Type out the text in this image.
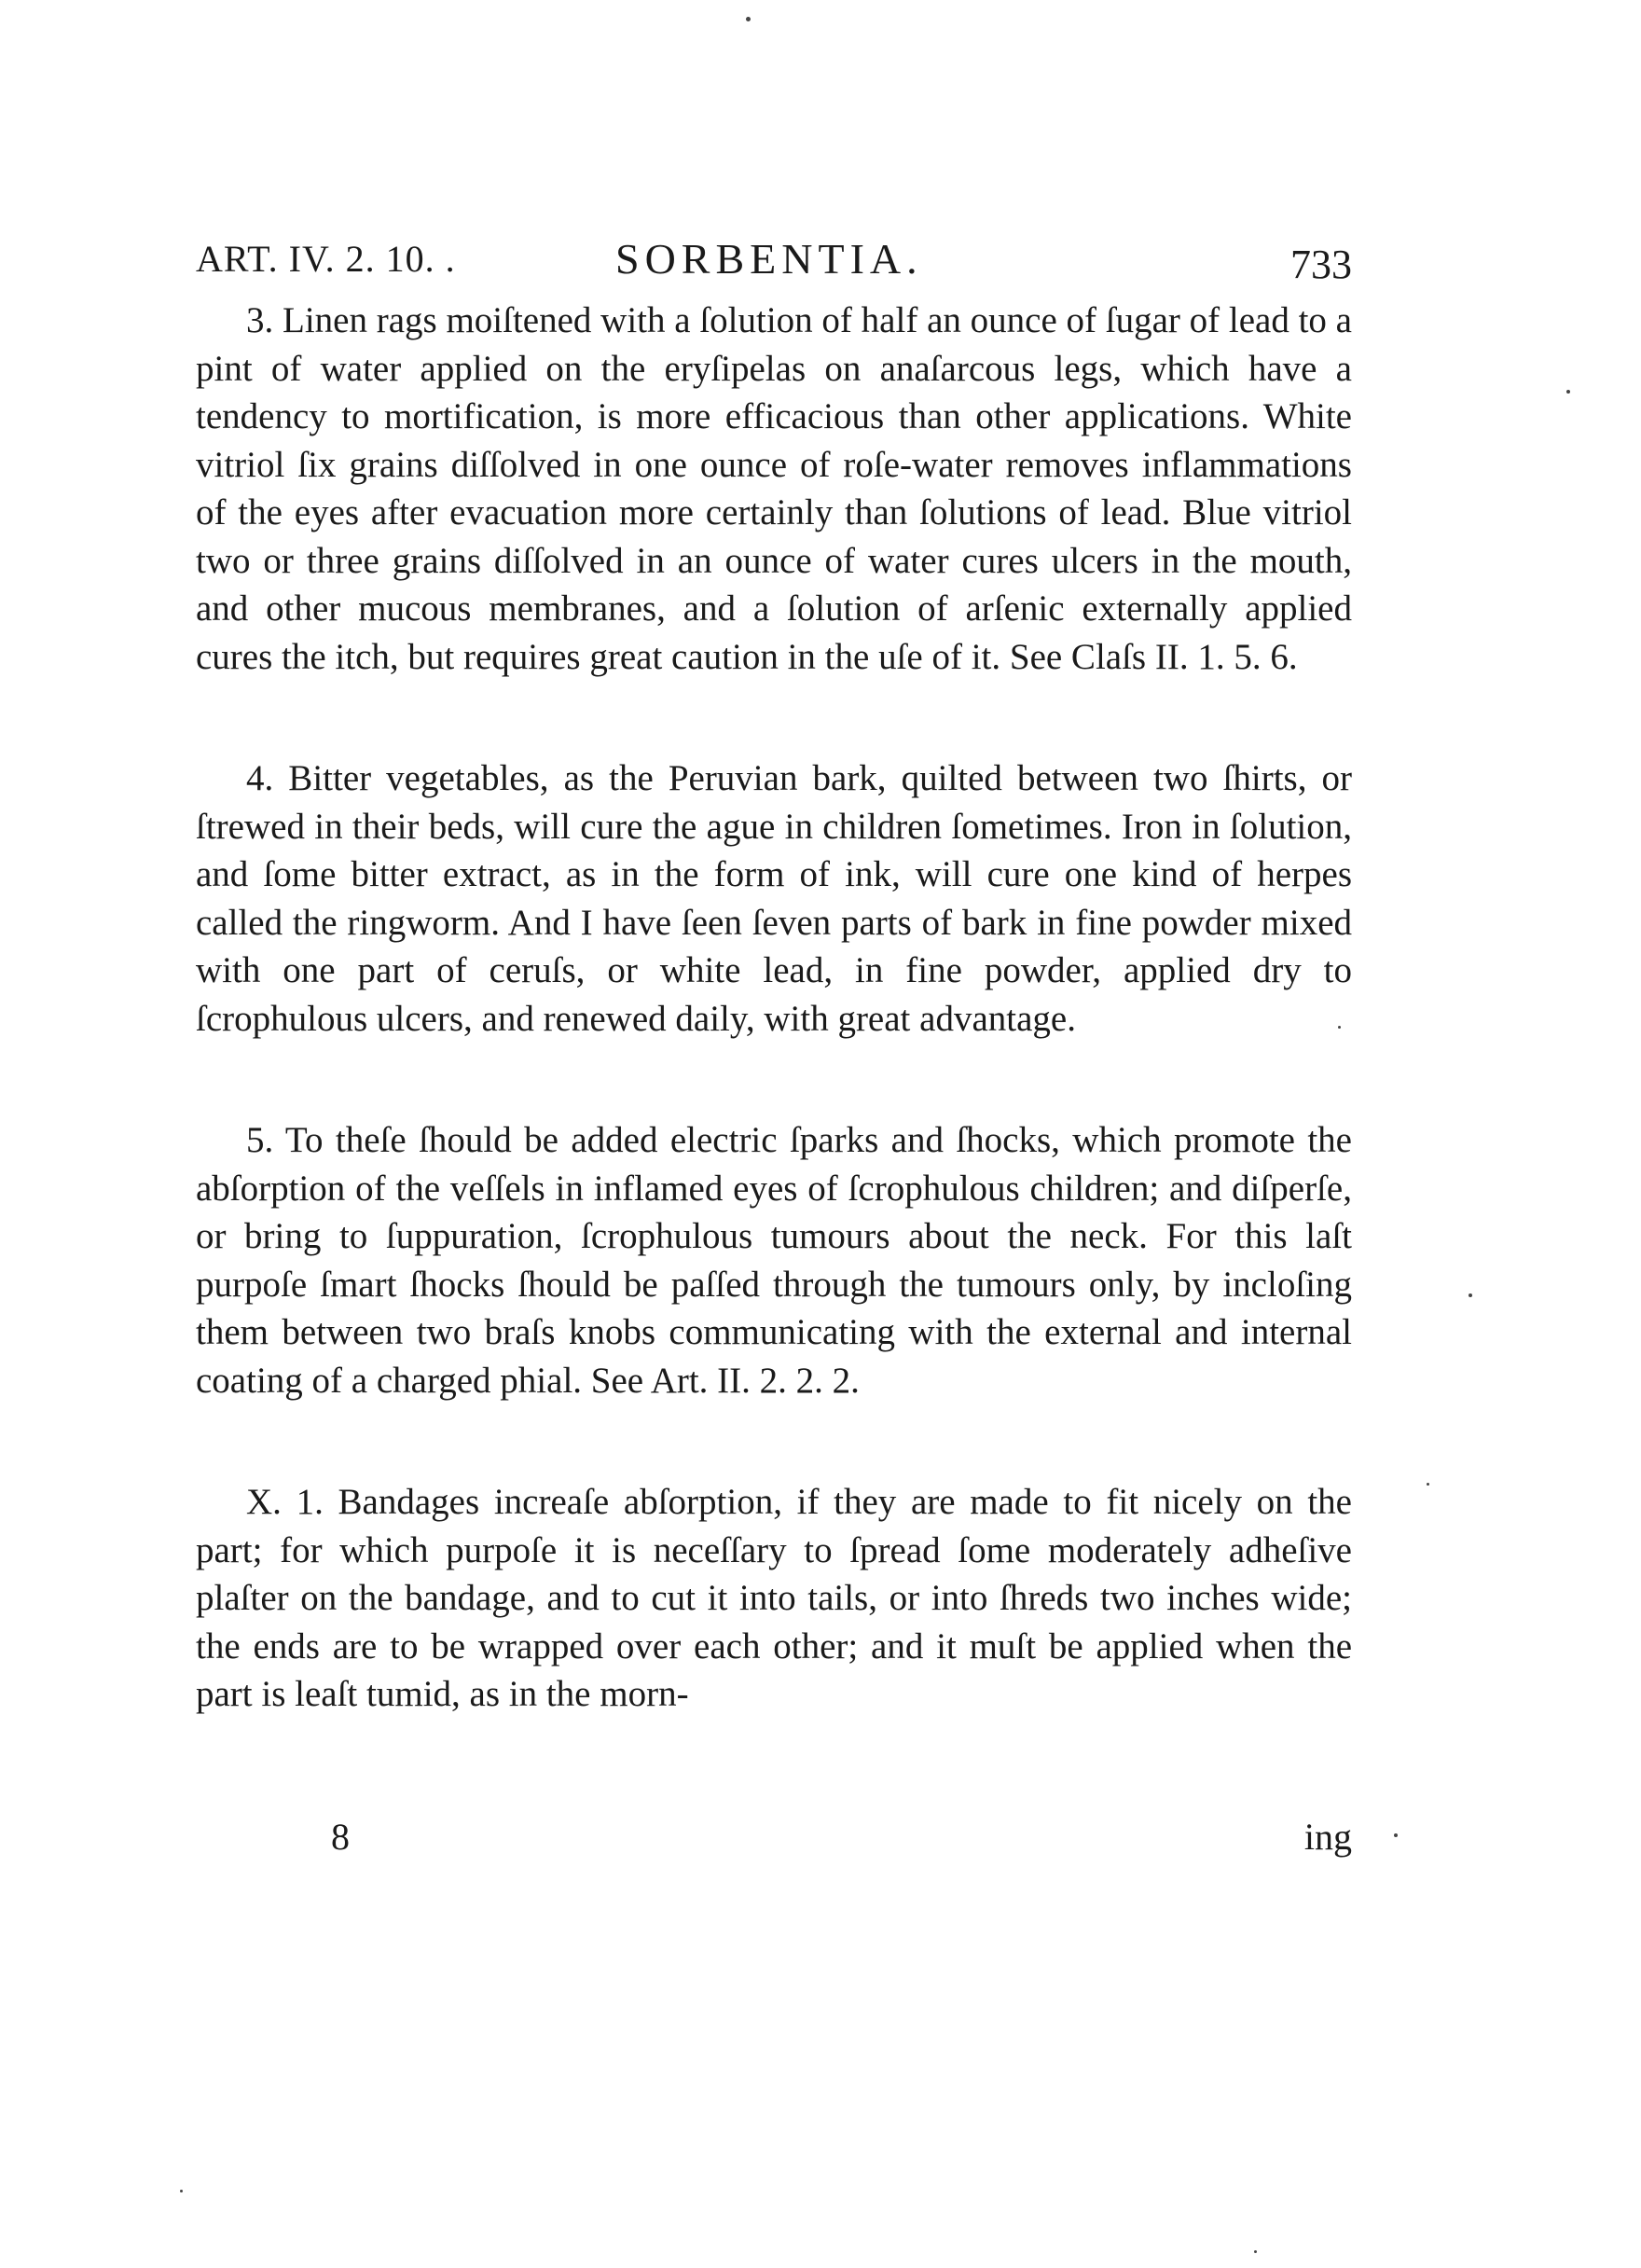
ART. IV. 2. 10. .	SORBENTIA.	733

3. Linen rags moiſtened with a ſolution of half an ounce of ſugar of lead to a pint of water applied on the eryſipelas on anaſarcous legs, which have a tendency to mortification, is more efficacious than other applications. White vitriol ſix grains diſſolved in one ounce of roſe-water removes inflammations of the eyes after evacuation more certainly than ſolutions of lead. Blue vitriol two or three grains diſſolved in an ounce of water cures ulcers in the mouth, and other mucous membranes, and a ſolution of arſenic externally applied cures the itch, but requires great caution in the uſe of it. See Claſs II. 1. 5. 6.

4. Bitter vegetables, as the Peruvian bark, quilted between two ſhirts, or ſtrewed in their beds, will cure the ague in children ſometimes. Iron in ſolution, and ſome bitter extract, as in the form of ink, will cure one kind of herpes called the ringworm. And I have ſeen ſeven parts of bark in fine powder mixed with one part of ceruſs, or white lead, in fine powder, applied dry to ſcrophulous ulcers, and renewed daily, with great advantage.

5. To theſe ſhould be added electric ſparks and ſhocks, which promote the abſorption of the veſſels in inflamed eyes of ſcrophulous children; and diſperſe, or bring to ſuppuration, ſcrophulous tumours about the neck. For this laſt purpoſe ſmart ſhocks ſhould be paſſed through the tumours only, by incloſing them between two braſs knobs communicating with the external and internal coating of a charged phial. See Art. II. 2. 2. 2.

X. 1. Bandages increaſe abſorption, if they are made to fit nicely on the part; for which purpoſe it is neceſſary to ſpread ſome moderately adheſive plaſter on the bandage, and to cut it into tails, or into ſhreds two inches wide; the ends are to be wrapped over each other; and it muſt be applied when the part is leaſt tumid, as in the morn-

8	ing
